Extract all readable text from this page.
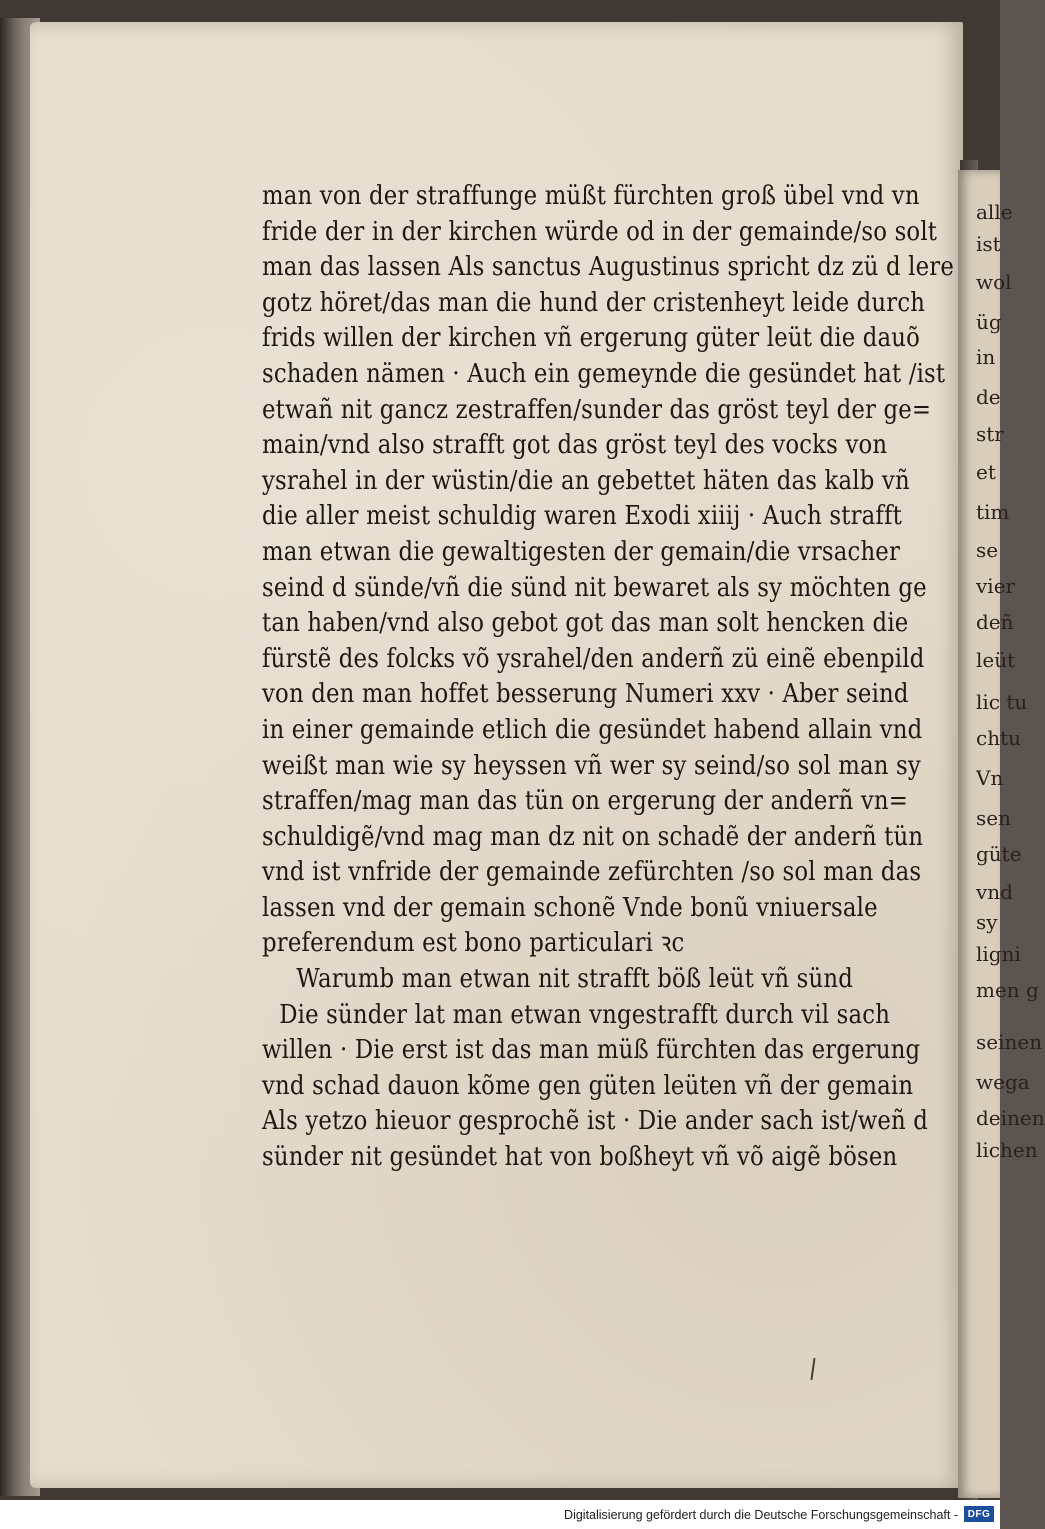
alle
ist
wol
üg
in
de
str
et
tim
se
vier
deñ
leüt
lic tu
chtu
Vn
sen
güte
vnd
sy
ligni
men g
seinen
wega
deinen
lichen
man von der straffunge müßt fürchten groß übel vnd vn
fride der in der kirchen würde od in der gemainde/so solt
man das lassen Als sanctus Augustinus spricht dz zü d lere
gotz höret/das man die hund der cristenheyt leide durch
frids willen der kirchen vñ ergerung güter leüt die dauõ
schaden nämen · Auch ein gemeynde die gesündet hat /ist
etwañ nit gancz zestraffen/sunder das gröst teyl der ge=
main/vnd also strafft got das gröst teyl des vocks von
ysrahel in der wüstin/die an gebettet häten das kalb vñ
die aller meist schuldig waren Exodi xiiij · Auch strafft
man etwan die gewaltigesten der gemain/die vrsacher
seind d sünde/vñ die sünd nit bewaret als sy möchten ge
tan haben/vnd also gebot got das man solt hencken die
fürstẽ des folcks võ ysrahel/den anderñ zü einẽ ebenpild
von den man hoffet besserung Numeri xxv · Aber seind
in einer gemainde etlich die gesündet habend allain vnd
weißt man wie sy heyssen vñ wer sy seind/so sol man sy
straffen/mag man das tün on ergerung der anderñ vn=
schuldigẽ/vnd mag man dz nit on schadẽ der anderñ tün
vnd ist vnfride der gemainde zefürchten /so sol man das
lassen vnd der gemain schonẽ Vnde bonũ vniuersale
preferendum est bono particulari ꝛc
Warumb man etwan nit strafft böß leüt vñ sünd
Die sünder lat man etwan vngestrafft durch vil sach
willen · Die erst ist das man müß fürchten das ergerung
vnd schad dauon kõme gen güten leüten vñ der gemain
Als yetzo hieuor gesprochẽ ist · Die ander sach ist/weñ d
sünder nit gesündet hat von boßheyt vñ võ aigẽ bösen
Digitalisierung gefördert durch die Deutsche Forschungsgemeinschaft - DFG
